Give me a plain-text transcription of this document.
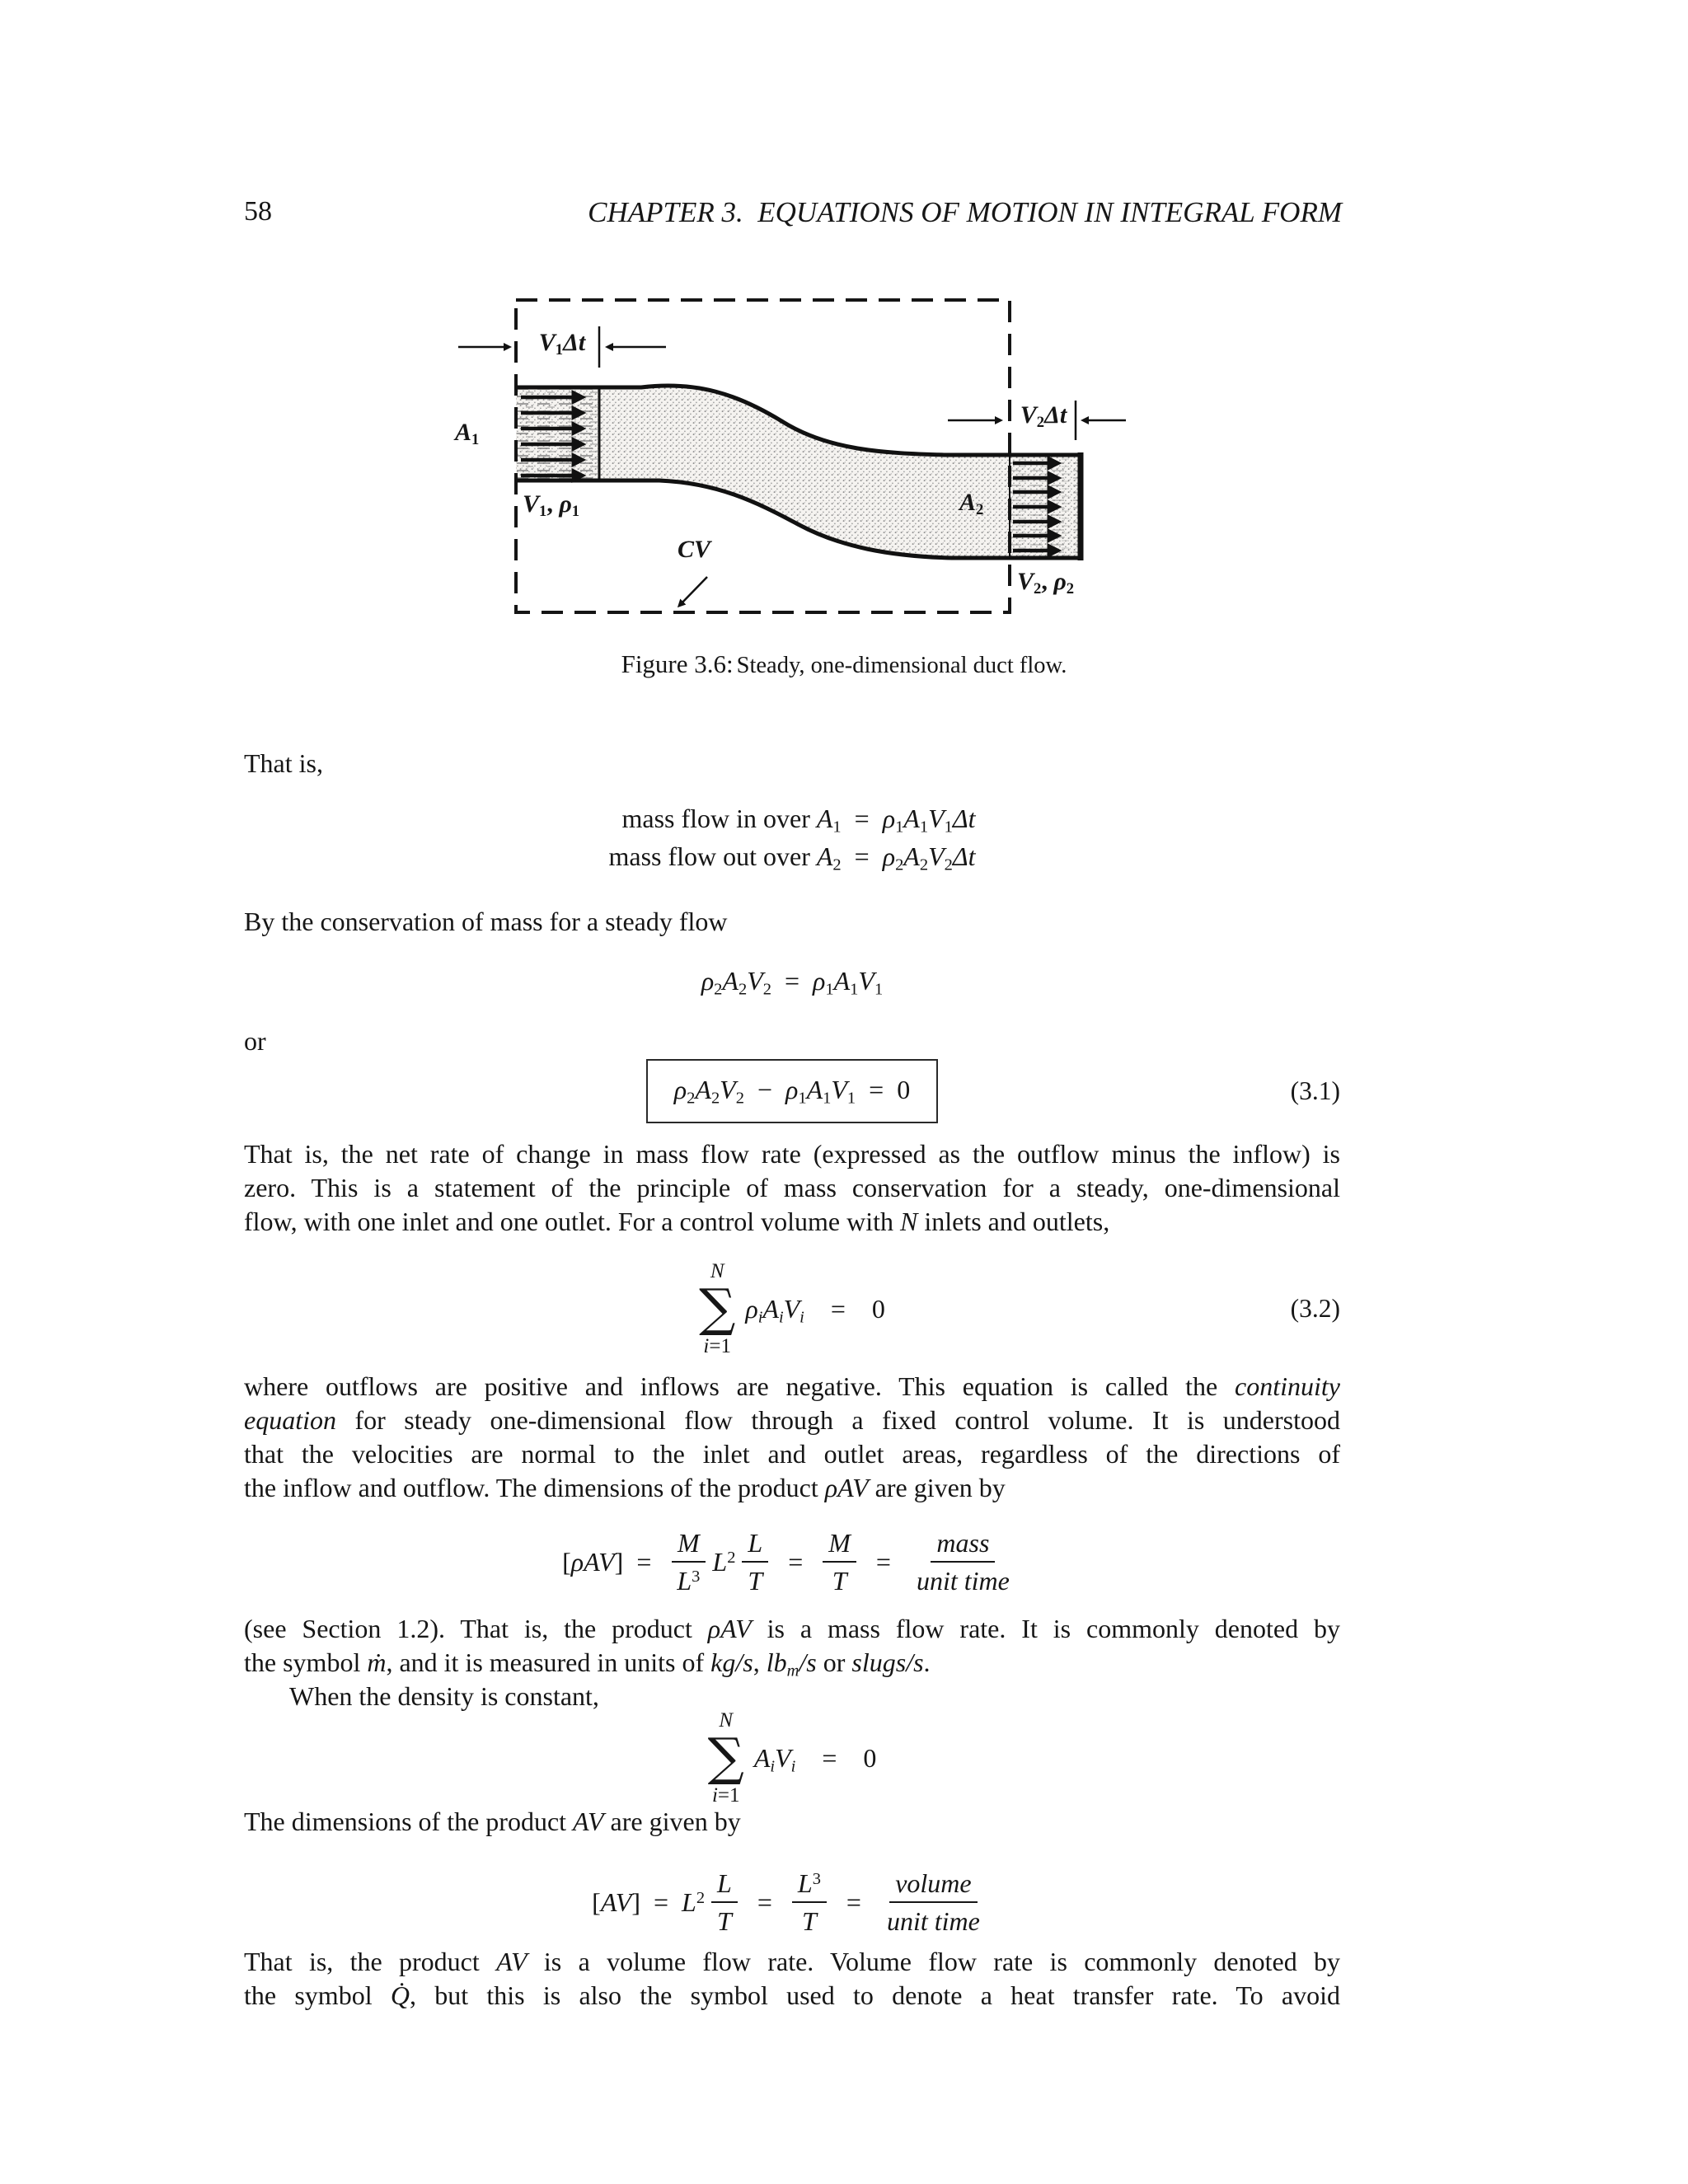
58	CHAPTER 3. EQUATIONS OF MOTION IN INTEGRAL FORM
$V_1\Delta t$
$A_1$
$V_1$, $\rho_1$
$V_2\Delta t$
$A_2$
$V_2$, $\rho_2$
CV
Figure 3.6: Steady, one-dimensional duct flow.
That is,
mass flow in over $A_1 = \rho_1A_1V_1\Delta t$
mass flow out over $A_2 = \rho_2A_2V_2\Delta t$
By the conservation of mass for a steady flow
$\rho_2A_2V_2$ = $\rho_1A_1V_1$
or
$\rho_2A_2V_2$ − $\rho_1A_1V_1$ = 0	(3.1)
That is, the net rate of change in mass flow rate (expressed as the outflow minus the inflow) is
zero. This is a statement of the principle of mass conservation for a steady, one-dimensional
flow, with one inlet and one outlet. For a control volume with N inlets and outlets,
N
∑
i=1
$\rho_iA_iV_i$  =  0	(3.2)
where outflows are positive and inflows are negative. This equation is called the continuity
equation for steady one-dimensional flow through a fixed control volume. It is understood
that the velocities are normal to the inlet and outlet areas, regardless of the directions of
the inflow and outflow. The dimensions of the product ρAV are given by
[ρAV] =  $\frac{M}{L^3} L^2 \frac{L}{T}$  =  $\frac{M}{T}$  =  $\frac{\text{mass}}{\text{unit time}}$
(see Section 1.2). That is, the product ρAV is a mass flow rate. It is commonly denoted by
the symbol ṁ, and it is measured in units of kg/s, $lb_m/s$ or slugs/s.
When the density is constant,
N
∑
i=1
$A_iV_i$  =  0
The dimensions of the product AV are given by
[AV] = $L^2 \frac{L}{T}$  =  $\frac{L^3}{T}$  =  $\frac{\text{volume}}{\text{unit time}}$
That is, the product AV is a volume flow rate. Volume flow rate is commonly denoted by
the symbol Q̇, but this is also the symbol used to denote a heat transfer rate. To avoid
